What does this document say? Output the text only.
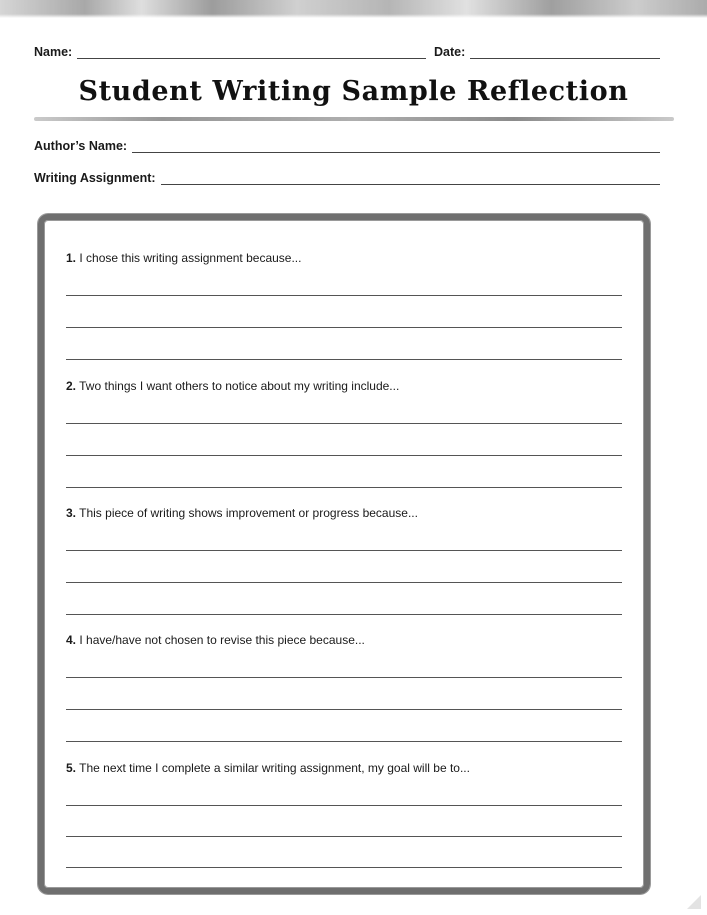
Name:	Date:
Student Writing Sample Reflection
Author’s Name:
Writing Assignment:
1. I chose this writing assignment because...
2. Two things I want others to notice about my writing include...
3. This piece of writing shows improvement or progress because...
4. I have/have not chosen to revise this piece because...
5. The next time I complete a similar writing assignment, my goal will be to...
